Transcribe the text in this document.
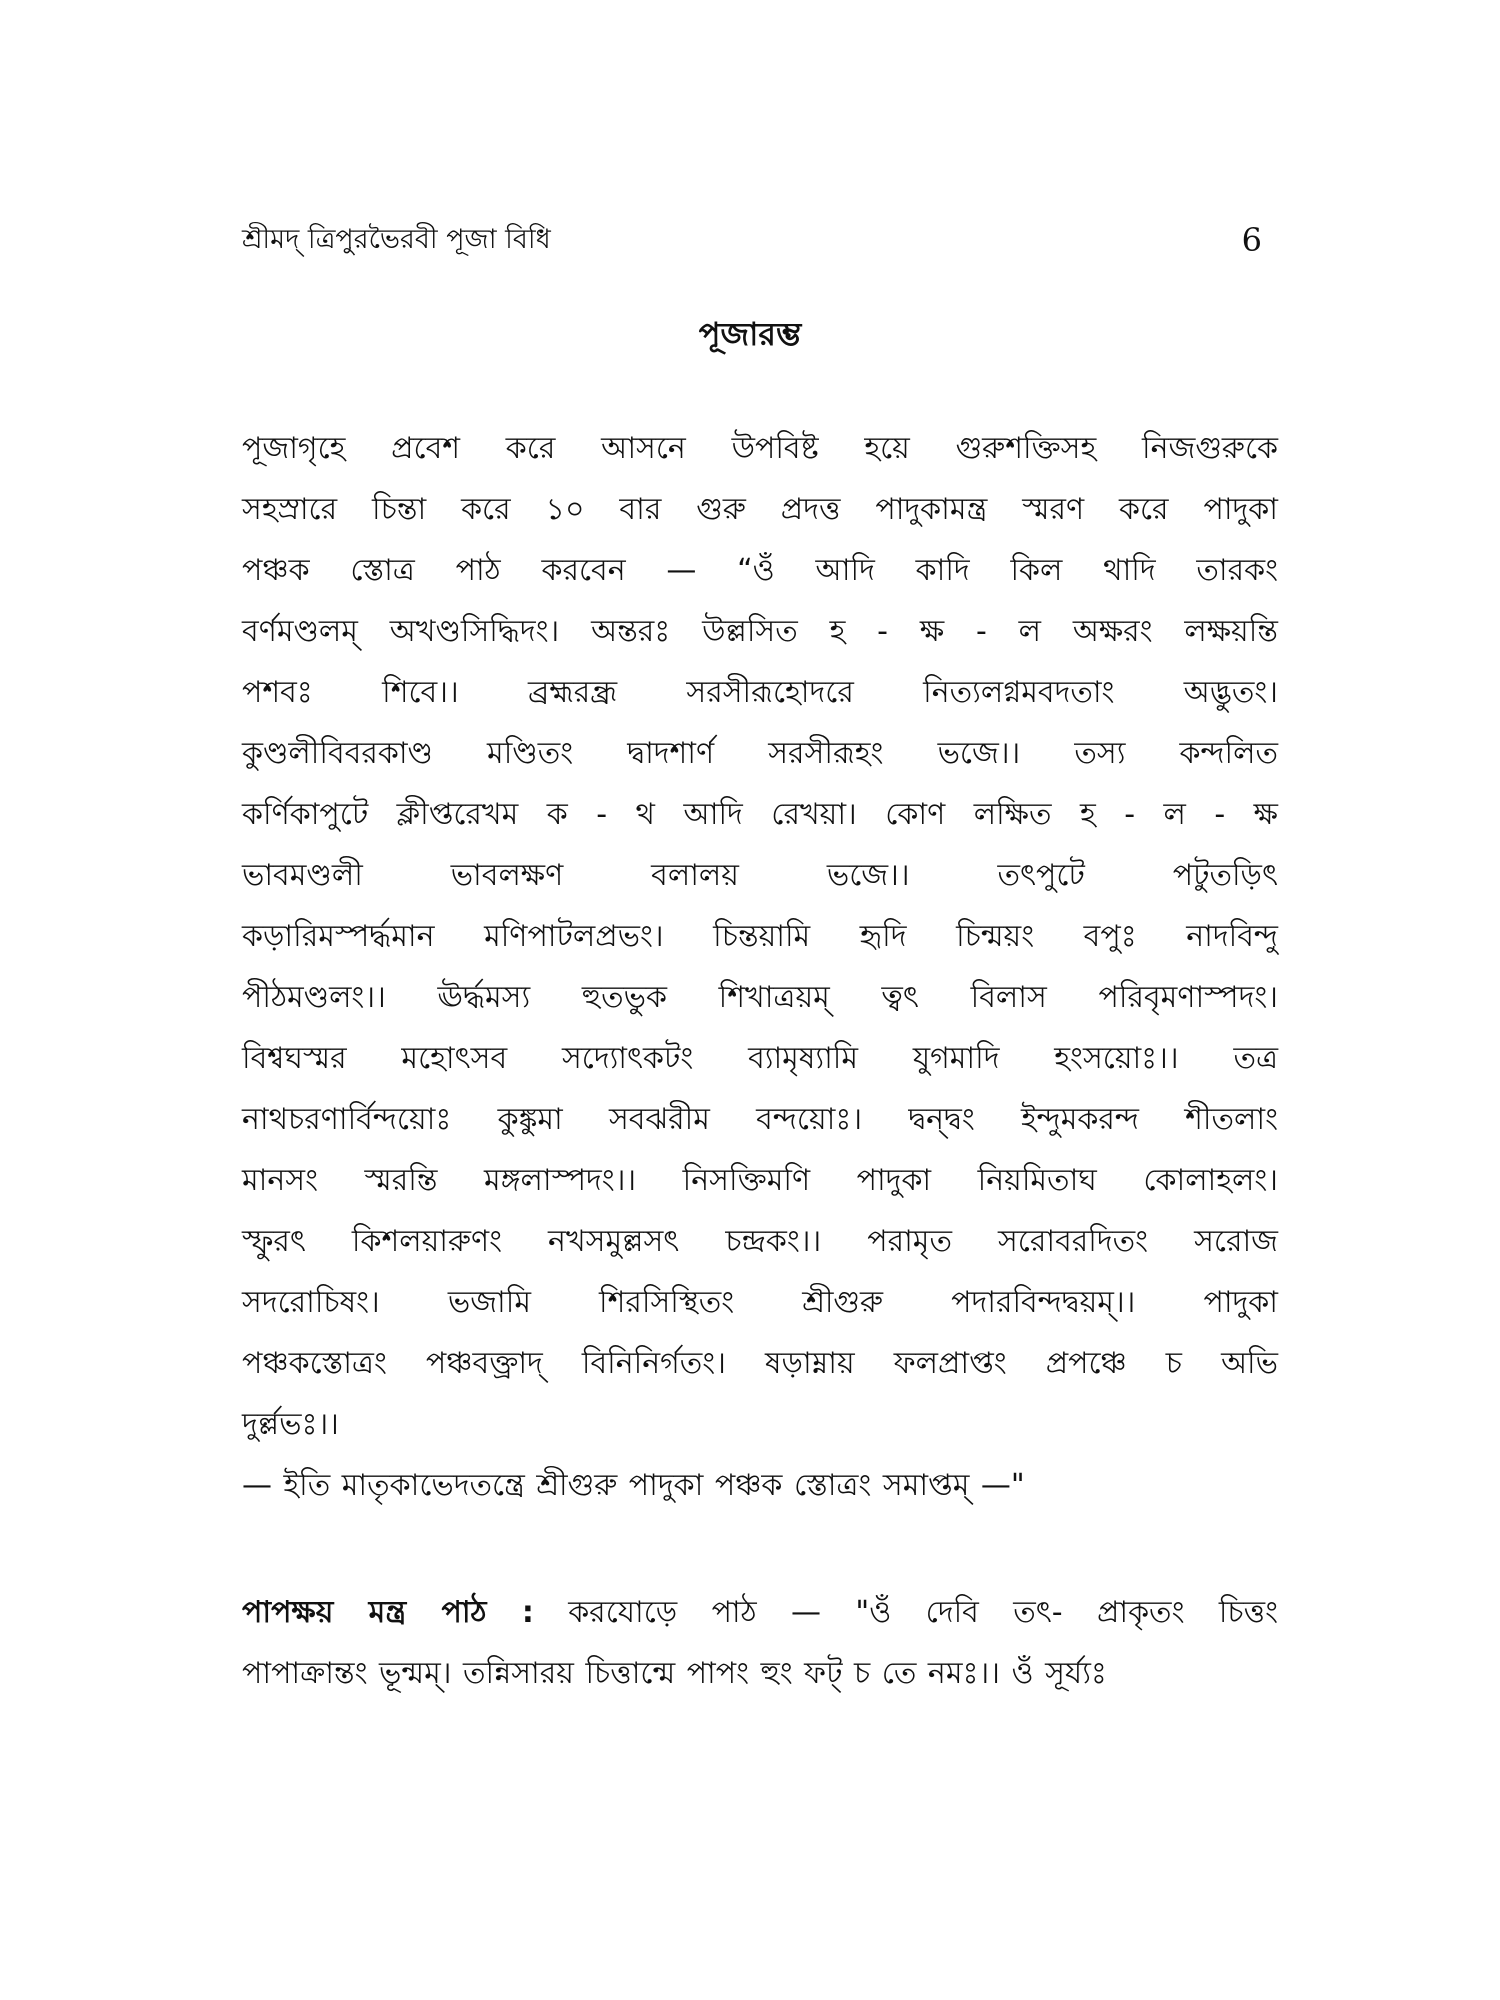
শ্রীমদ্ ত্রিপুরভৈরবী পূজা বিধি	6
পূজারম্ভ

পূজাগৃহে প্রবেশ করে আসনে উপবিষ্ট হয়ে গুরুশক্তিসহ নিজগুরুকে

সহস্রারে চিন্তা করে ১০ বার গুরু প্রদত্ত পাদুকামন্ত্র স্মরণ করে পাদুকা

পঞ্চক স্তোত্র পাঠ করবেন — “ওঁ আদি কাদি কিল থাদি তারকং

বর্ণমণ্ডলম্ অখণ্ডসিদ্ধিদং। অন্তরঃ উল্লসিত হ - ক্ষ - ল অক্ষরং লক্ষয়ন্তি

পশবঃ শিবে।। ব্রহ্মরন্ধ্র সরসীরূহোদরে নিত্যলগ্নমবদতাং অদ্ভুতং।

কুণ্ডলীবিবরকাণ্ড মণ্ডিতং দ্বাদশার্ণ সরসীরূহং ভজে।। তস্য কন্দলিত

কর্ণিকাপুটে ক্লীপ্তরেখম ক - থ আদি রেখয়া। কোণ লক্ষিত হ - ল - ক্ষ

ভাবমণ্ডলী ভাবলক্ষণ বলালয় ভজে।। তৎপুটে পটুতড়িৎ

কড়ারিমস্পর্দ্ধমান মণিপাটলপ্রভং। চিন্তয়ামি হৃদি চিন্ময়ং বপুঃ নাদবিন্দু

পীঠমণ্ডলং।। ঊর্দ্ধমস্য হুতভুক শিখাত্রয়ম্ ত্বৎ বিলাস পরিবৃমণাস্পদং।

বিশ্বঘস্মর মহোৎসব সদ্যোৎকটং ব্যামৃষ্যামি যুগমাদি হংসয়োঃ।। তত্র

নাথচরণার্বিন্দয়োঃ কুঙ্কুমা সবঝরীম বন্দয়োঃ। দ্বন্দ্বং ইন্দুমকরন্দ শীতলাং

মানসং স্মরন্তি মঙ্গলাস্পদং।। নিসক্তিমণি পাদুকা নিয়মিতাঘ কোলাহলং।

স্ফুরৎ কিশলয়ারুণং নখসমুল্লসৎ চন্দ্রকং।। পরামৃত সরোবরদিতং সরোজ

সদরোচিষং। ভজামি শিরসিস্থিতং শ্রীগুরু পদারবিন্দদ্বয়ম্।। পাদুকা

পঞ্চকস্তোত্রং পঞ্চবক্ত্রাদ্ বিনিনির্গতং। ষড়াম্নায় ফলপ্রাপ্তং প্রপঞ্চে চ অভি

দুর্ল্লভঃ।।

— ইতি মাতৃকাভেদতন্ত্রে শ্রীগুরু পাদুকা পঞ্চক স্তোত্রং সমাপ্তম্ —"

পাপক্ষয় মন্ত্র পাঠ : করযোড়ে পাঠ — "ওঁ দেবি তৎ- প্রাকৃতং চিত্তং

পাপাক্রান্তং ভূন্মম্। তন্নিসারয় চিত্তান্মে পাপং হুং ফট্ চ তে নমঃ।। ওঁ সূর্য্যঃ
